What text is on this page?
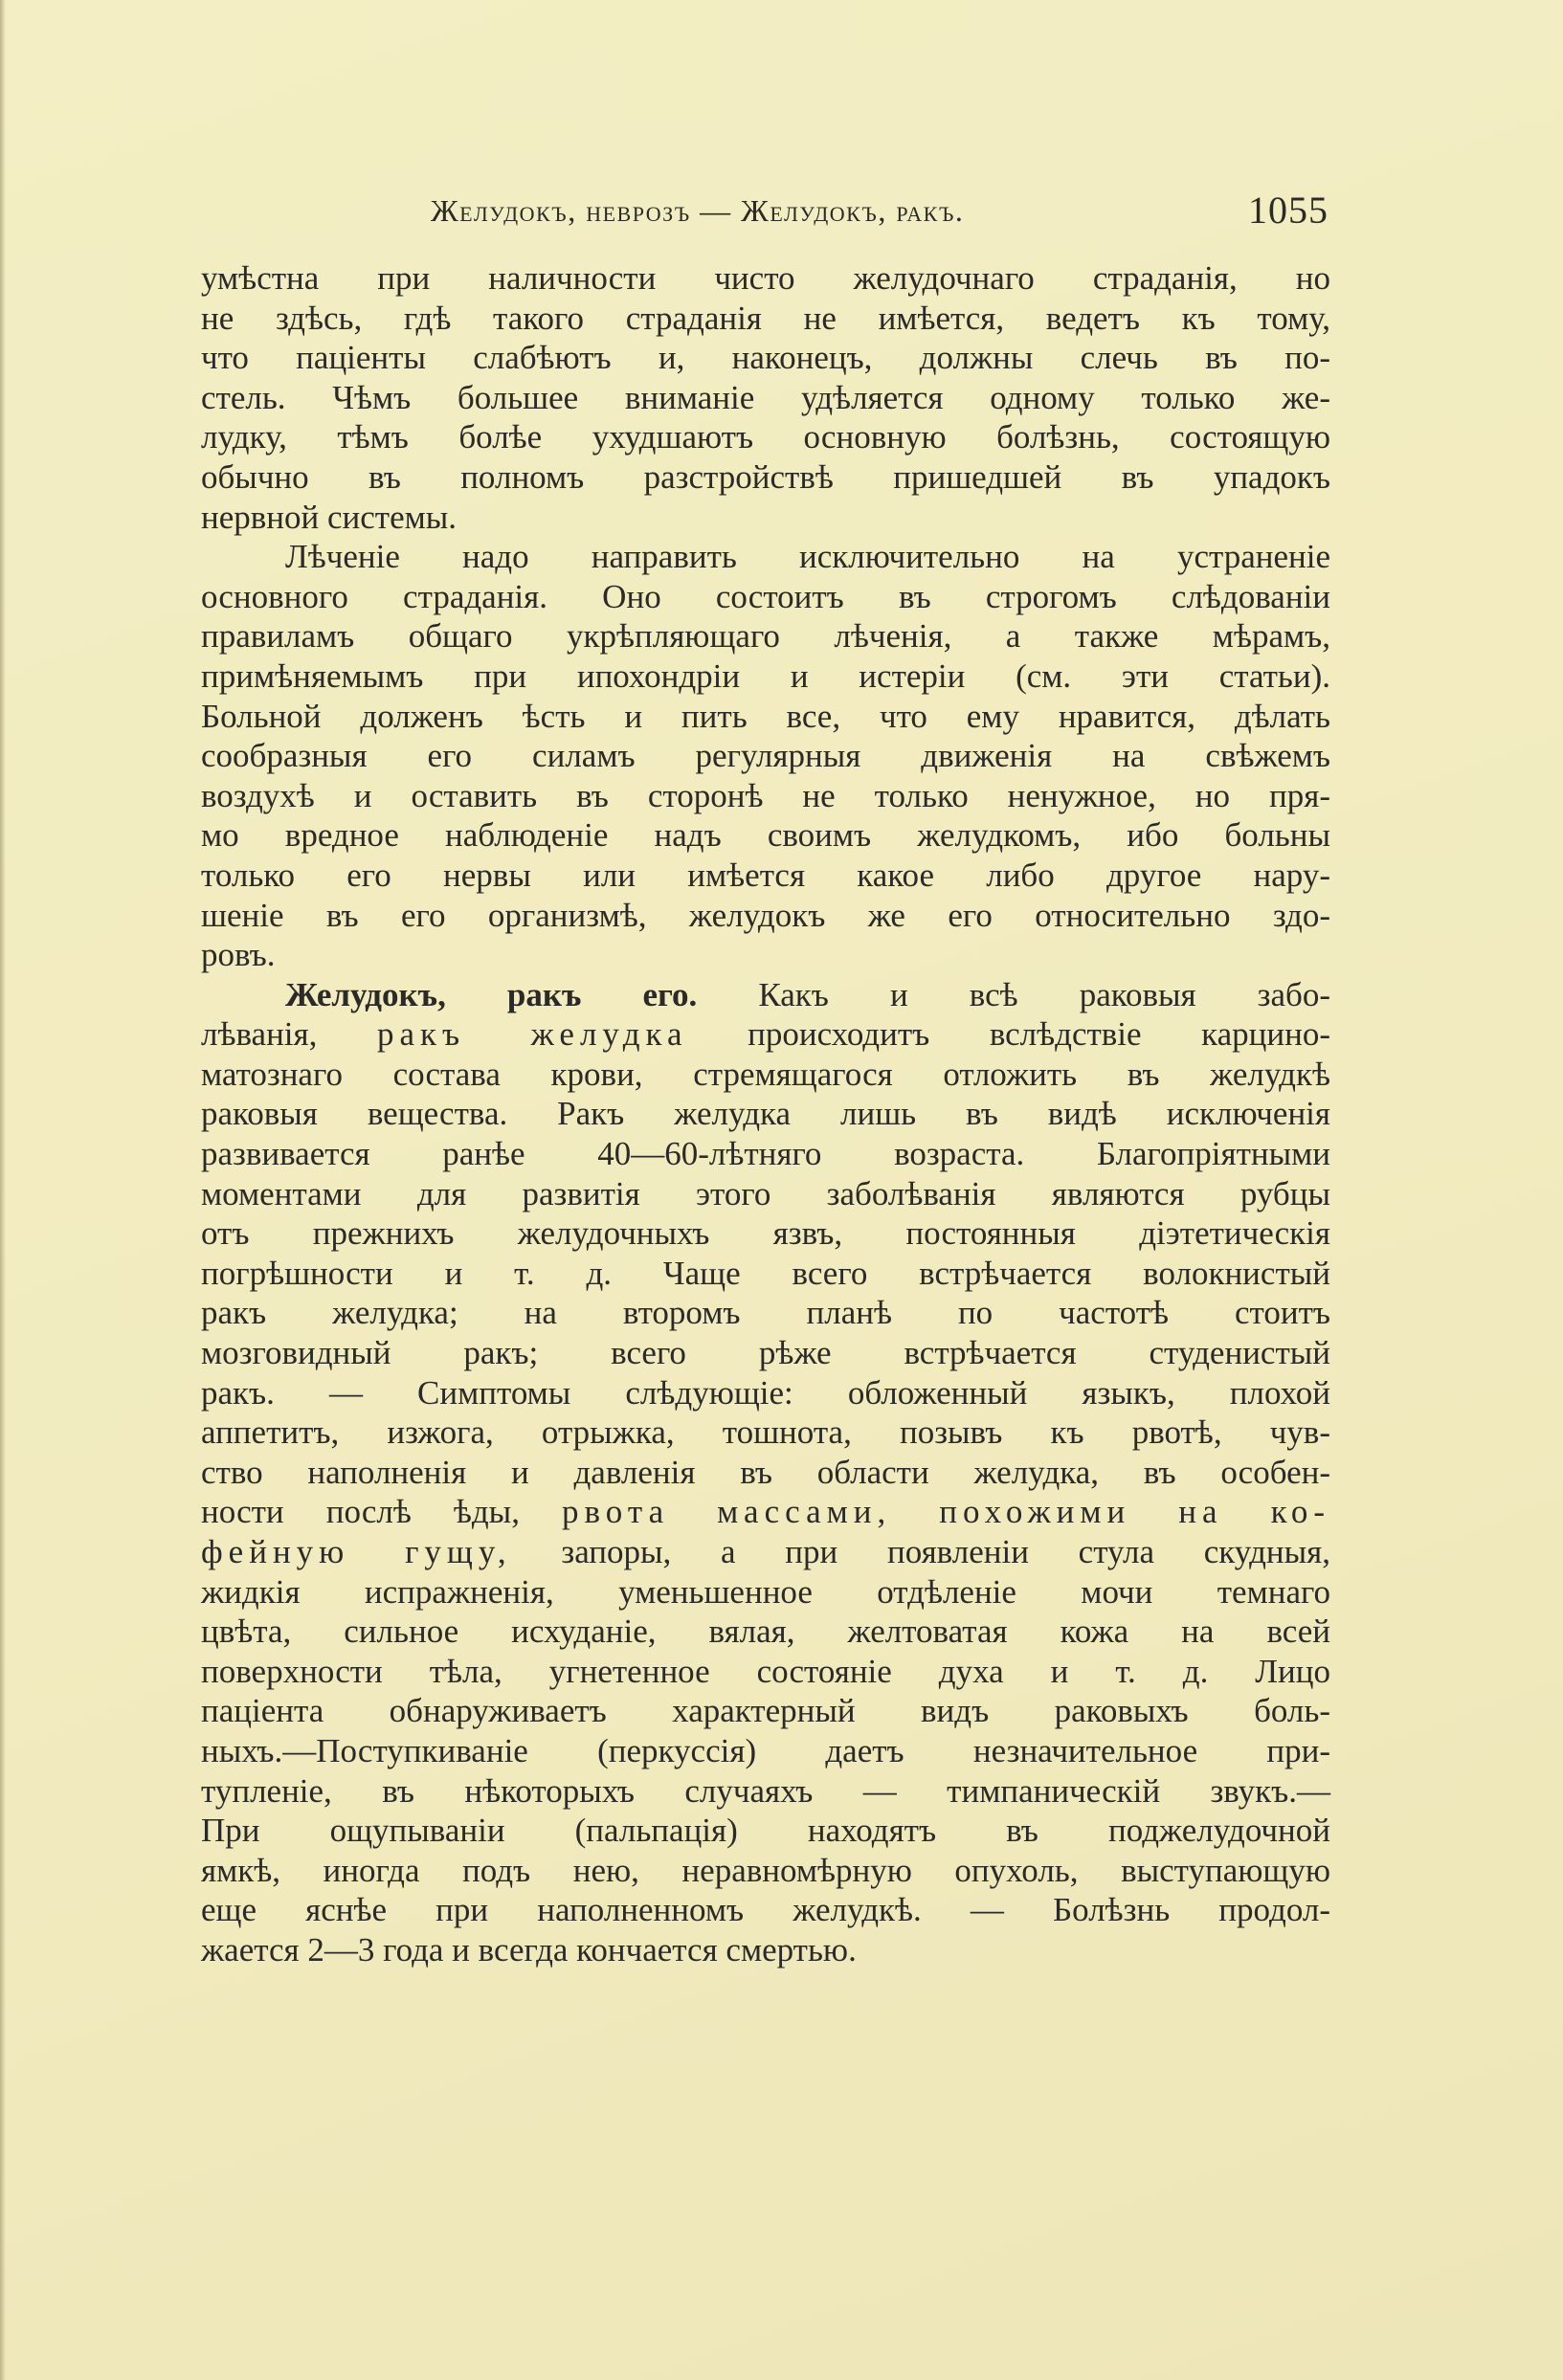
Желудокъ, неврозъ — Желудокъ, ракъ.	1055
умѣстна при наличности чисто желудочнаго страданія, но
не здѣсь, гдѣ такого страданія не имѣется, ведетъ къ тому,
что паціенты слабѣютъ и, наконецъ, должны слечь въ по-
стель. Чѣмъ большее вниманіе удѣляется одному только же-
лудку, тѣмъ болѣе ухудшаютъ основную болѣзнь, состоящую
обычно въ полномъ разстройствѣ пришедшей въ упадокъ
нервной системы.
Лѣченіе надо направить исключительно на устраненіе
основного страданія. Оно состоитъ въ строгомъ слѣдованіи
правиламъ общаго укрѣпляющаго лѣченія, а также мѣрамъ,
примѣняемымъ при ипохондріи и истеріи (см. эти статьи).
Больной долженъ ѣсть и пить все, что ему нравится, дѣлать
сообразныя его силамъ регулярныя движенія на свѣжемъ
воздухѣ и оставить въ сторонѣ не только ненужное, но пря-
мо вредное наблюденіе надъ своимъ желудкомъ, ибо больны
только его нервы или имѣется какое либо другое нару-
шеніе въ его организмѣ, желудокъ же его относительно здо-
ровъ.
Желудокъ, ракъ его. Какъ и всѣ раковыя забо-
лѣванія, ракъ желудка происходитъ вслѣдствіе карцино-
матознаго состава крови, стремящагося отложить въ желудкѣ
раковыя вещества. Ракъ желудка лишь въ видѣ исключенія
развивается ранѣе 40—60-лѣтняго возраста. Благопріятными
моментами для развитія этого заболѣванія являются рубцы
отъ прежнихъ желудочныхъ язвъ, постоянныя діэтетическія
погрѣшности и т. д. Чаще всего встрѣчается волокнистый
ракъ желудка; на второмъ планѣ по частотѣ стоитъ
мозговидный ракъ; всего рѣже встрѣчается студенистый
ракъ. — Симптомы слѣдующіе: обложенный языкъ, плохой
аппетитъ, изжога, отрыжка, тошнота, позывъ къ рвотѣ, чув-
ство наполненія и давленія въ области желудка, въ особен-
ности послѣ ѣды, рвота массами, похожими на ко-
фейную гущу, запоры, а при появленіи стула скудныя,
жидкія испражненія, уменьшенное отдѣленіе мочи темнаго
цвѣта, сильное исхуданіе, вялая, желтоватая кожа на всей
поверхности тѣла, угнетенное состояніе духа и т. д. Лицо
паціента обнаруживаетъ характерный видъ раковыхъ боль-
ныхъ.—Поступкиваніе (перкуссія) даетъ незначительное при-
тупленіе, въ нѣкоторыхъ случаяхъ — тимпаническій звукъ.—
При ощупываніи (пальпація) находятъ въ поджелудочной
ямкѣ, иногда подъ нею, неравномѣрную опухоль, выступающую
еще яснѣе при наполненномъ желудкѣ. — Болѣзнь продол-
жается 2—3 года и всегда кончается смертью.
